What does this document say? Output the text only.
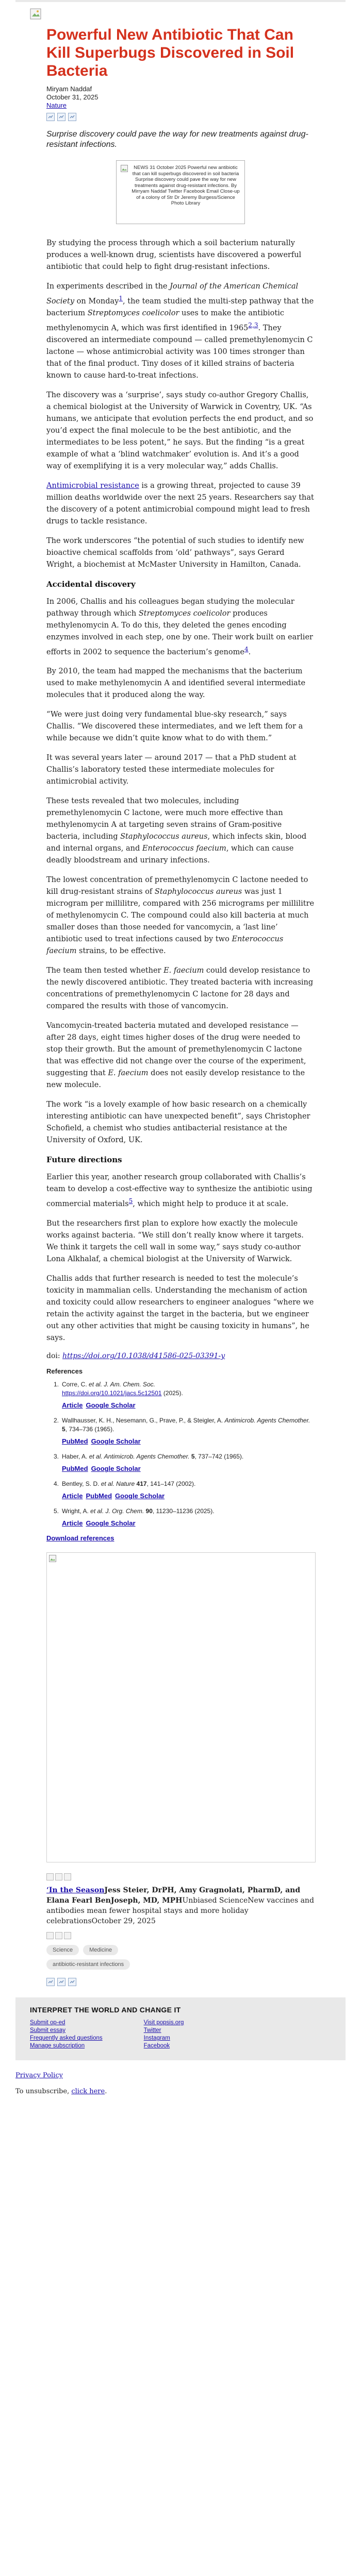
Powerful New Antibiotic That Can Kill Superbugs Discovered in Soil Bacteria
Miryam Naddaf
October 31, 2025
Nature

Surprise discovery could pave the way for new treatments against drug-resistant infections.

NEWS 31 October 2025 Powerful new antibiotic that can kill superbugs discovered in soil bacteria Surprise discovery could pave the way for new treatments against drug-resistant infections. By Mirryam Naddaf Twitter Facebook Email Close-up of a colony of Str Dr Jeremy Burgess/Science Photo Library

By studying the process through which a soil bacterium naturally produces a well-known drug, scientists have discovered a powerful antibiotic that could help to fight drug-resistant infections.

In experiments described in the Journal of the American Chemical Society on Monday$^1$, the team studied the multi-step pathway that the bacterium Streptomyces coelicolor uses to make the antibiotic methylenomycin A, which was first identified in 1965$^{2,3}$. They discovered an intermediate compound — called premethylenomycin C lactone — whose antimicrobial activity was 100 times stronger than that of the final product. Tiny doses of it killed strains of bacteria known to cause hard-to-treat infections.

The discovery was a ‘surprise’, says study co-author Gregory Challis, a chemical biologist at the University of Warwick in Coventry, UK. “As humans, we anticipate that evolution perfects the end product, and so you’d expect the final molecule to be the best antibiotic, and the intermediates to be less potent,” he says. But the finding “is a great example of what a ‘blind watchmaker’ evolution is. And it’s a good way of exemplifying it is a very molecular way,” adds Challis.

Antimicrobial resistance is a growing threat, projected to cause 39 million deaths worldwide over the next 25 years. Researchers say that the discovery of a potent antimicrobial compound might lead to fresh drugs to tackle resistance.

The work underscores “the potential of such studies to identify new bioactive chemical scaffolds from ‘old’ pathways”, says Gerard Wright, a biochemist at McMaster University in Hamilton, Canada.

Accidental discovery

In 2006, Challis and his colleagues began studying the molecular pathway through which Streptomyces coelicolor produces methylenomycin A. To do this, they deleted the genes encoding enzymes involved in each step, one by one. Their work built on earlier efforts in 2002 to sequence the bacterium’s genome$^4$.

By 2010, the team had mapped the mechanisms that the bacterium used to make methylenomycin A and identified several intermediate molecules that it produced along the way.

“We were just doing very fundamental blue-sky research,” says Challis. “We discovered these intermediates, and we left them for a while because we didn’t quite know what to do with them.”

It was several years later — around 2017 — that a PhD student at Challis’s laboratory tested these intermediate molecules for antimicrobial activity.

These tests revealed that two molecules, including premethylenomycin C lactone, were much more effective than methylenomycin A at targeting seven strains of Gram-positive bacteria, including Staphylococcus aureus, which infects skin, blood and internal organs, and Enterococcus faecium, which can cause deadly bloodstream and urinary infections.

The lowest concentration of premethylenomycin C lactone needed to kill drug-resistant strains of Staphylococcus aureus was just 1 microgram per millilitre, compared with 256 micrograms per millilitre of methylenomycin C. The compound could also kill bacteria at much smaller doses than those needed for vancomycin, a ‘last line’ antibiotic used to treat infections caused by two Enterococcus faecium strains, to be effective.

The team then tested whether E. faecium could develop resistance to the newly discovered antibiotic. They treated bacteria with increasing concentrations of premethylenomycin C lactone for 28 days and compared the results with those of vancomycin.

Vancomycin-treated bacteria mutated and developed resistance — after 28 days, eight times higher doses of the drug were needed to stop their growth. But the amount of premethylenomycin C lactone that was effective did not change over the course of the experiment, suggesting that E. faecium does not easily develop resistance to the new molecule.

The work “is a lovely example of how basic research on a chemically interesting antibiotic can have unexpected benefit”, says Christopher Schofield, a chemist who studies antibacterial resistance at the University of Oxford, UK.

Future directions

Earlier this year, another research group collaborated with Challis’s team to develop a cost-effective way to synthesize the antibiotic using commercial materials$^5$, which might help to produce it at scale.

But the researchers first plan to explore how exactly the molecule works against bacteria. “We still don’t really know where it targets. We think it targets the cell wall in some way,” says study co-author Lona Alkhalaf, a chemical biologist at the University of Warwick.

Challis adds that further research is needed to test the molecule’s toxicity in mammalian cells. Understanding the mechanism of action and toxicity could allow researchers to engineer analogues “where we retain the activity against the target in the bacteria, but we engineer out any other activities that might be causing toxicity in humans”, he says.

doi: https://doi.org/10.1038/d41586-025-03391-y
References
1. Corre, C. et al. J. Am. Chem. Soc.
https://doi.org/10.1021/jacs.5c12501 (2025).
Article Google Scholar
2. Wallhausser, K. H., Nesemann, G., Prave, P., & Steigler, A. Antimicrob. Agents Chemother. 5, 734–736 (1965).
PubMed Google Scholar
3. Haber, A. et al. Antimicrob. Agents Chemother. 5, 737–742 (1965).
PubMed Google Scholar
4. Bentley, S. D. et al. Nature 417, 141–147 (2002).
Article PubMed Google Scholar
5. Wright, A. et al. J. Org. Chem. 90, 11230–11236 (2025).
Article Google Scholar
Download references

‘In the SeasonJess Steier, DrPH, Amy Gragnolati, PharmD, and Elana Fearl BenJoseph, MD, MPHUnbiased ScienceNew vaccines and antibodies mean fewer hospital stays and more holiday celebrationsOctober 29, 2025

Science	Medicine
antibiotic-resistant infections
INTERPRET THE WORLD AND CHANGE IT
Submit op-ed
Submit essay
Frequently asked questions
Manage subscription
Visit popsis.org
Twitter
Instagram
Facebook
Privacy Policy
To unsubscribe, click here.
